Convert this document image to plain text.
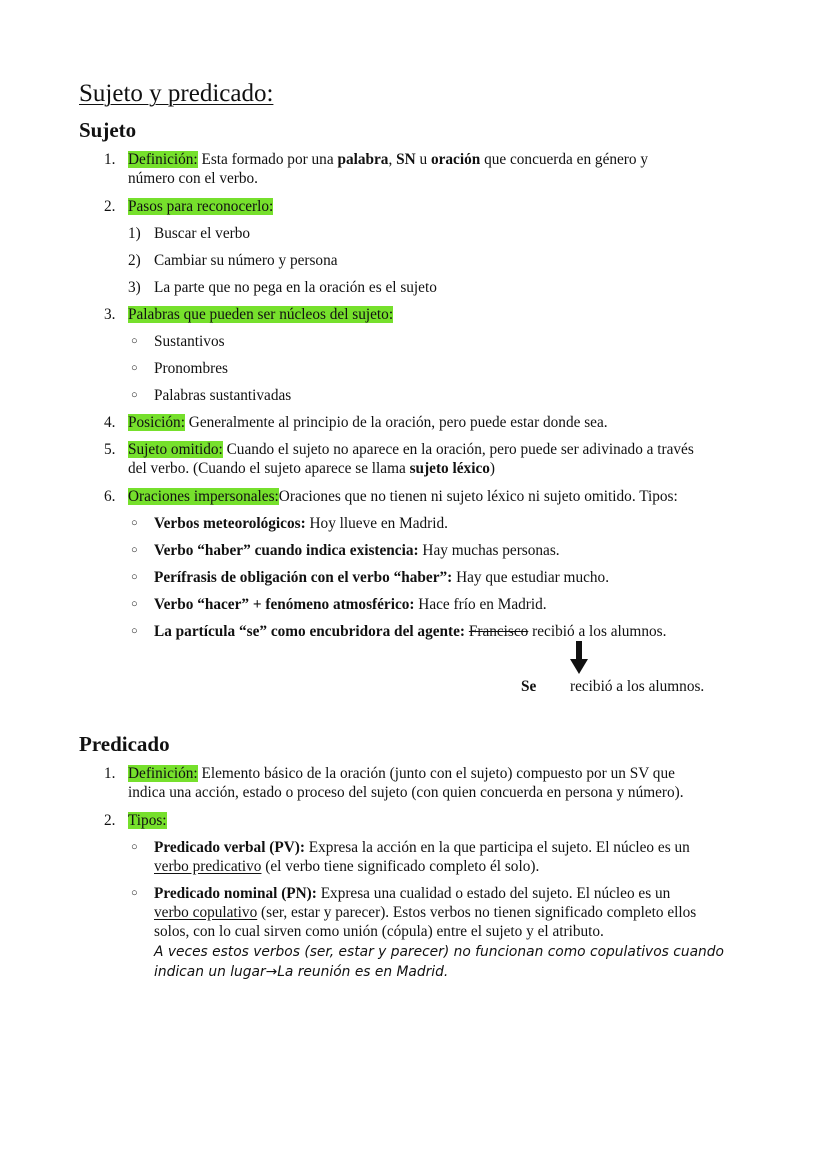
Sujeto y predicado:
Sujeto
1. Definición: Esta formado por una palabra, SN u oración que concuerda en género y
número con el verbo.
2. Pasos para reconocerlo:
1) Buscar el verbo
2) Cambiar su número y persona
3) La parte que no pega en la oración es el sujeto
3. Palabras que pueden ser núcleos del sujeto:
○ Sustantivos
○ Pronombres
○ Palabras sustantivadas
4. Posición: Generalmente al principio de la oración, pero puede estar donde sea.
5. Sujeto omitido: Cuando el sujeto no aparece en la oración, pero puede ser adivinado a través
del verbo. (Cuando el sujeto aparece se llama sujeto léxico)
6. Oraciones impersonales:Oraciones que no tienen ni sujeto léxico ni sujeto omitido. Tipos:
○ Verbos meteorológicos: Hoy llueve en Madrid.
○ Verbo “haber” cuando indica existencia: Hay muchas personas.
○ Perífrasis de obligación con el verbo “haber”: Hay que estudiar mucho.
○ Verbo “hacer” + fenómeno atmosférico: Hace frío en Madrid.
○ La partícula “se” como encubridora del agente: Francisco recibió a los alumnos.
Se recibió a los alumnos.
Predicado
1. Definición: Elemento básico de la oración (junto con el sujeto) compuesto por un SV que
indica una acción, estado o proceso del sujeto (con quien concuerda en persona y número).
2. Tipos:
○ Predicado verbal (PV): Expresa la acción en la que participa el sujeto. El núcleo es un
verbo predicativo (el verbo tiene significado completo él solo).
○ Predicado nominal (PN): Expresa una cualidad o estado del sujeto. El núcleo es un
verbo copulativo (ser, estar y parecer). Estos verbos no tienen significado completo ellos
solos, con lo cual sirven como unión (cópula) entre el sujeto y el atributo.
A veces estos verbos (ser, estar y parecer) no funcionan como copulativos cuando
indican un lugar→La reunión es en Madrid.
